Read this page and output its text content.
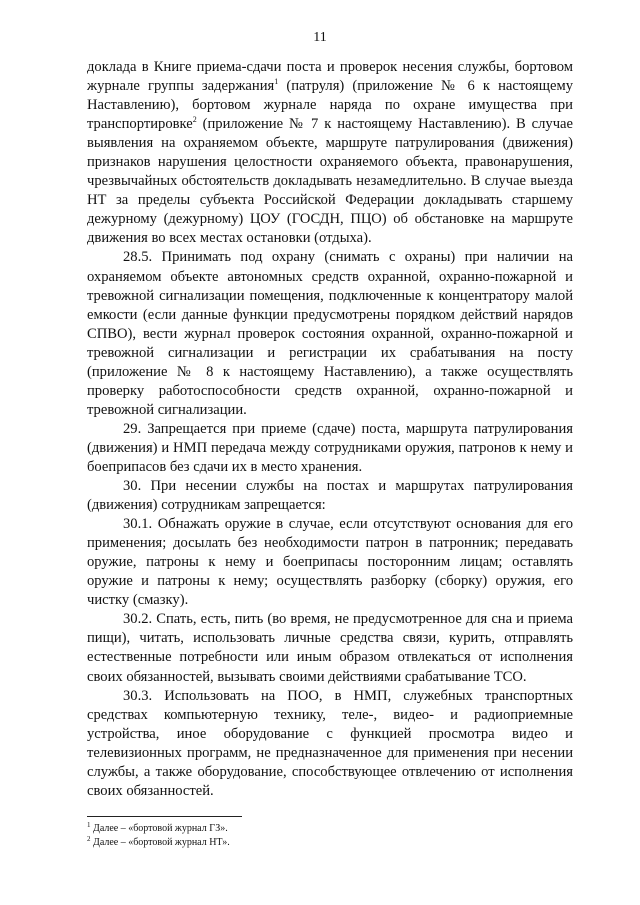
11

доклада в Книге приема-сдачи поста и проверок несения службы, бортовом журнале группы задержания$^1$ (патруля) (приложение № 6 к настоящему Наставлению), бортовом журнале наряда по охране имущества при транспортировке$^2$ (приложение № 7 к настоящему Наставлению). В случае выявления на охраняемом объекте, маршруте патрулирования (движения) признаков нарушения целостности охраняемого объекта, правонарушения, чрезвычайных обстоятельств докладывать незамедлительно. В случае выезда НТ за пределы субъекта Российской Федерации докладывать старшему дежурному (дежурному) ЦОУ (ГОСДН, ПЦО) об обстановке на маршруте движения во всех местах остановки (отдыха).

28.5. Принимать под охрану (снимать с охраны) при наличии на охраняемом объекте автономных средств охранной, охранно-пожарной и тревожной сигнализации помещения, подключенные к концентратору малой емкости (если данные функции предусмотрены порядком действий нарядов СПВО), вести журнал проверок состояния охранной, охранно-пожарной и тревожной сигнализации и регистрации их срабатывания на посту (приложение № 8 к настоящему Наставлению), а также осуществлять проверку работоспособности средств охранной, охранно-пожарной и тревожной сигнализации.

29. Запрещается при приеме (сдаче) поста, маршрута патрулирования (движения) и НМП передача между сотрудниками оружия, патронов к нему и боеприпасов без сдачи их в место хранения.

30. При несении службы на постах и маршрутах патрулирования (движения) сотрудникам запрещается:

30.1. Обнажать оружие в случае, если отсутствуют основания для его применения; досылать без необходимости патрон в патронник; передавать оружие, патроны к нему и боеприпасы посторонним лицам; оставлять оружие и патроны к нему; осуществлять разборку (сборку) оружия, его чистку (смазку).

30.2. Спать, есть, пить (во время, не предусмотренное для сна и приема пищи), читать, использовать личные средства связи, курить, отправлять естественные потребности или иным образом отвлекаться от исполнения своих обязанностей, вызывать своими действиями срабатывание ТСО.

30.3. Использовать на ПОО, в НМП, служебных транспортных средствах компьютерную технику, теле-, видео- и радиоприемные устройства, иное оборудование с функцией просмотра видео и телевизионных программ, не предназначенное для применения при несении службы, а также оборудование, способствующее отвлечению от исполнения своих обязанностей.

$^1$ Далее – «бортовой журнал ГЗ».
$^2$ Далее – «бортовой журнал НТ».
